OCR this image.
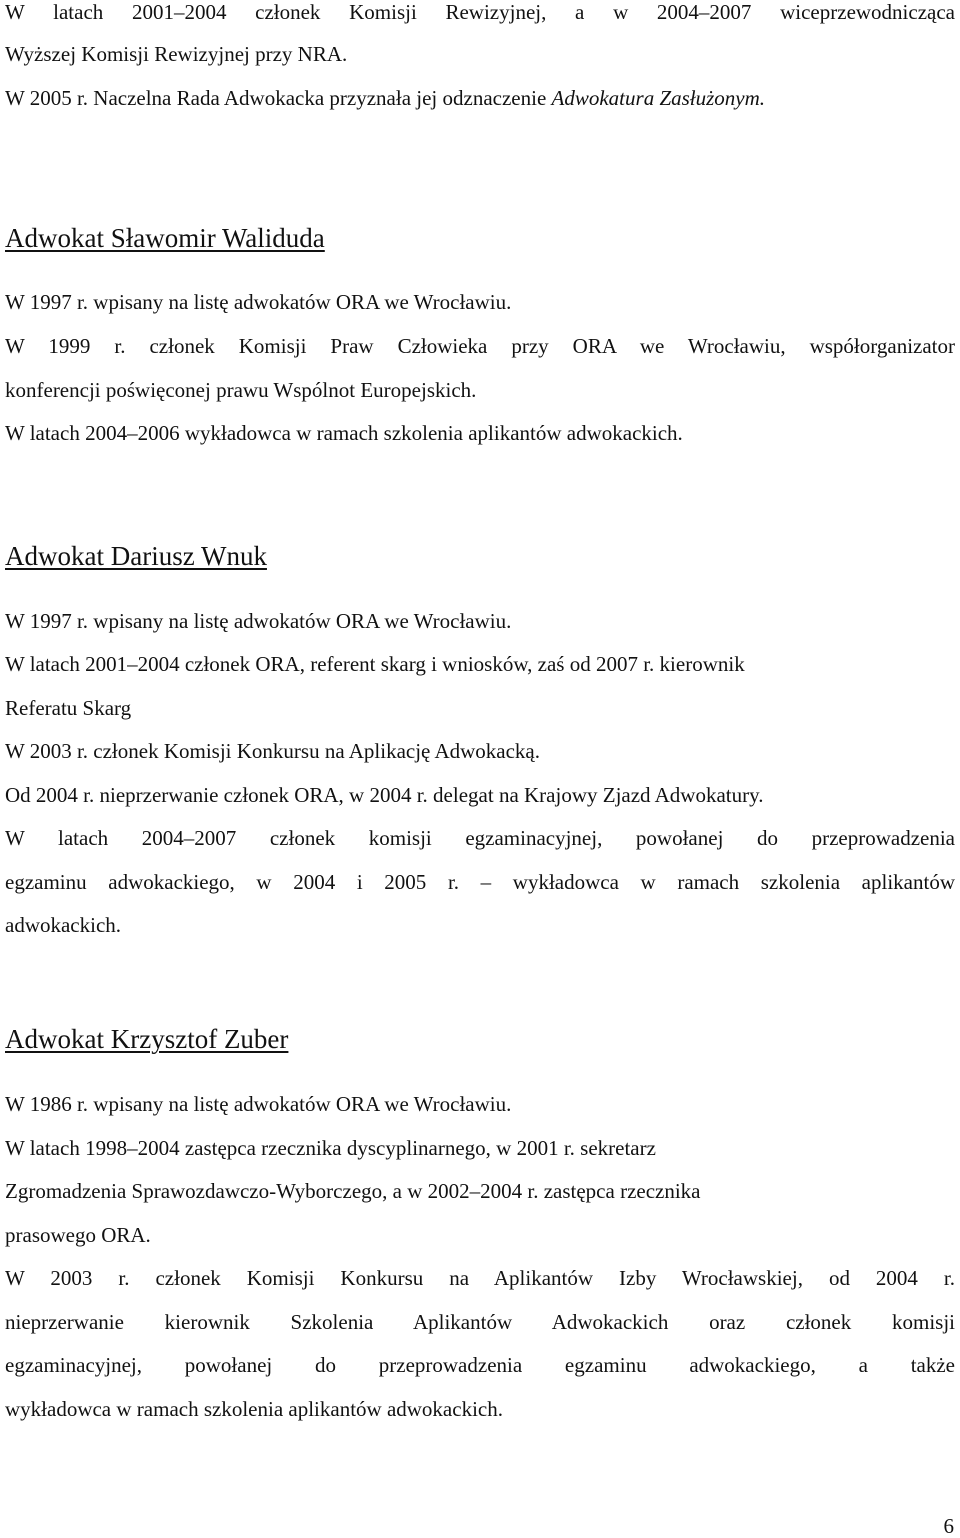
W latach 2001–2004 członek Komisji Rewizyjnej, a w 2004–2007 wiceprzewodnicząca
Wyższej Komisji Rewizyjnej przy NRA.
W 2005 r. Naczelna Rada Adwokacka przyznała jej odznaczenie Adwokatura Zasłużonym.
Adwokat Sławomir Waliduda
W 1997 r. wpisany na listę adwokatów ORA we Wrocławiu.
W 1999 r. członek Komisji Praw Człowieka przy ORA we Wrocławiu, współorganizator
konferencji poświęconej prawu Wspólnot Europejskich.
W latach 2004–2006 wykładowca w ramach szkolenia aplikantów adwokackich.
Adwokat Dariusz Wnuk
W 1997 r. wpisany na listę adwokatów ORA we Wrocławiu.
W latach 2001–2004 członek ORA, referent skarg i wniosków, zaś od 2007 r. kierownik
Referatu Skarg
W 2003 r. członek Komisji Konkursu na Aplikację Adwokacką.
Od 2004 r. nieprzerwanie członek ORA, w 2004 r. delegat na Krajowy Zjazd Adwokatury.
W latach 2004–2007 członek komisji egzaminacyjnej, powołanej do przeprowadzenia
egzaminu adwokackiego, w 2004 i 2005 r. – wykładowca w ramach szkolenia aplikantów
adwokackich.
Adwokat Krzysztof Zuber
W 1986 r. wpisany na listę adwokatów ORA we Wrocławiu.
W latach 1998–2004 zastępca rzecznika dyscyplinarnego, w 2001 r. sekretarz
Zgromadzenia Sprawozdawczo-Wyborczego, a w 2002–2004 r. zastępca rzecznika
prasowego ORA.
W 2003 r. członek Komisji Konkursu na Aplikantów Izby Wrocławskiej, od 2004 r.
nieprzerwanie kierownik Szkolenia Aplikantów Adwokackich oraz członek komisji
egzaminacyjnej, powołanej do przeprowadzenia egzaminu adwokackiego, a także
wykładowca w ramach szkolenia aplikantów adwokackich.
6
